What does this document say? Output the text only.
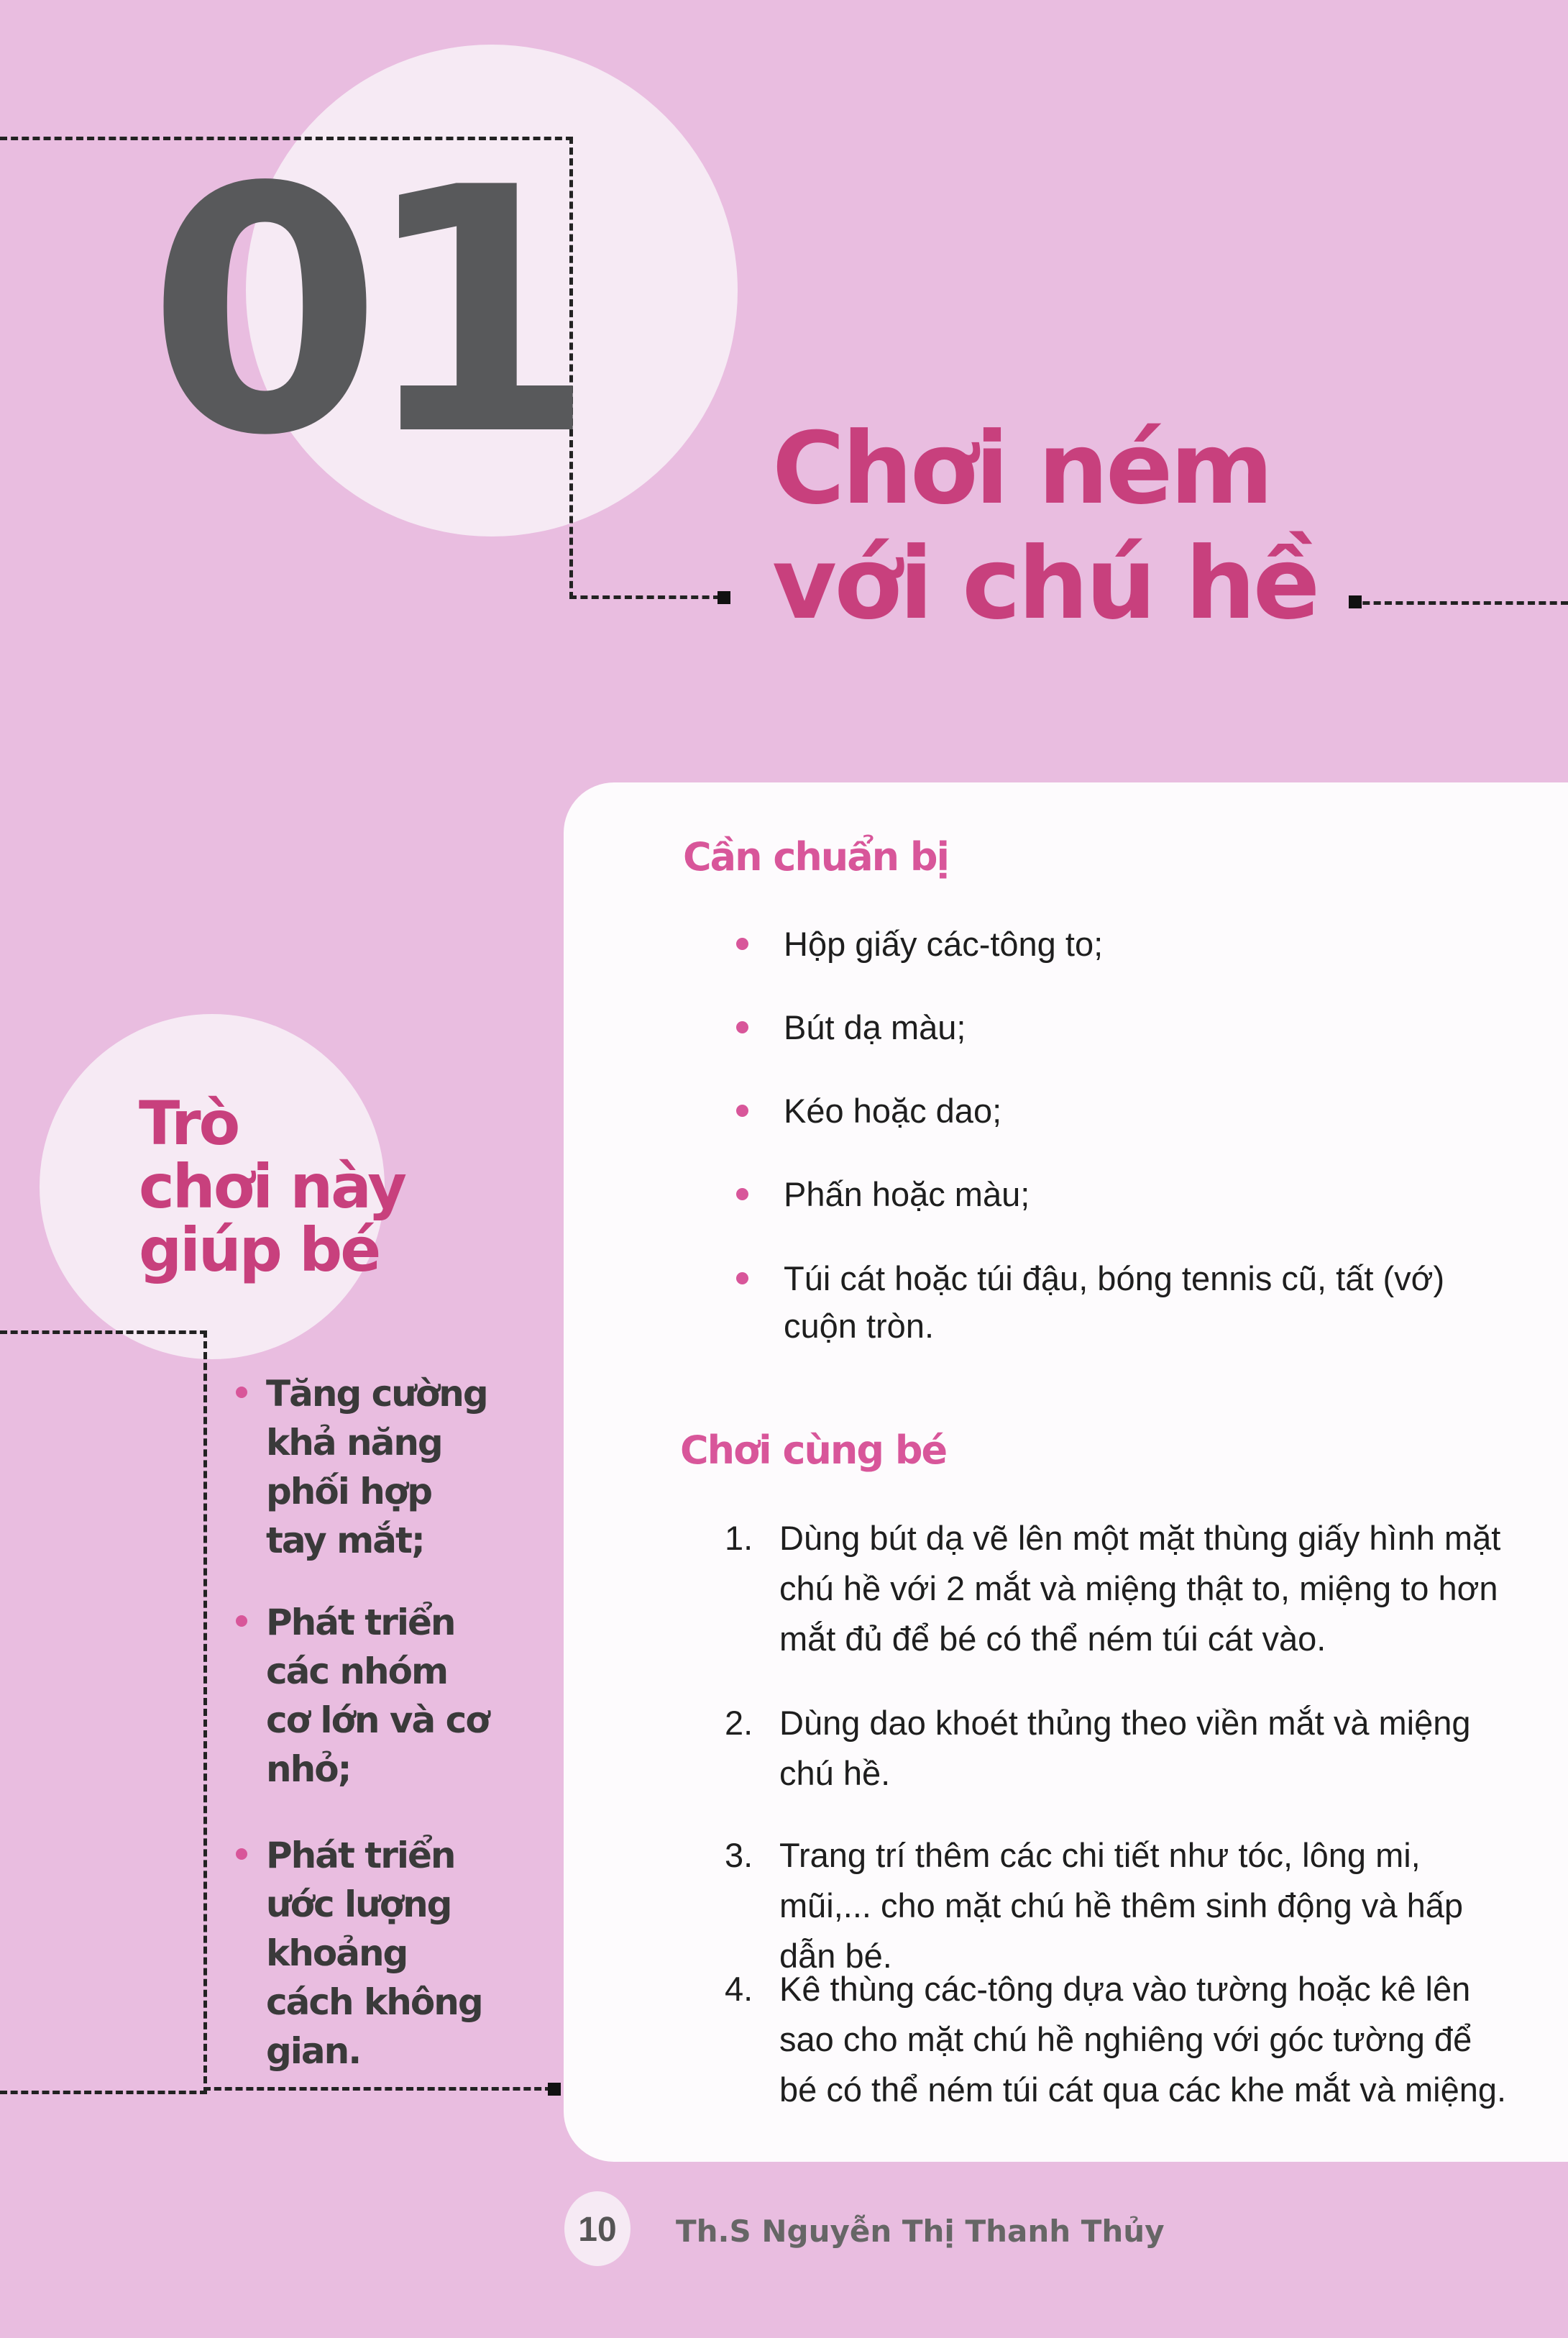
01 Chơi ném
với chú hề
Cần chuẩn bị
Hộp giấy các-tông to;
Bút dạ màu;
Kéo hoặc dao;
Phấn hoặc màu;
Túi cát hoặc túi đậu, bóng tennis cũ, tất (vớ) cuộn tròn.
Chơi cùng bé
1. Dùng bút dạ vẽ lên một mặt thùng giấy hình mặt chú hề với 2 mắt và miệng thật to, miệng to hơn mắt đủ để bé có thể ném túi cát vào.
2. Dùng dao khoét thủng theo viền mắt và miệng chú hề.
3. Trang trí thêm các chi tiết như tóc, lông mi, mũi,... cho mặt chú hề thêm sinh động và hấp dẫn bé.
4. Kê thùng các-tông dựa vào tường hoặc kê lên sao cho mặt chú hề nghiêng với góc tường để bé có thể ném túi cát qua các khe mắt và miệng.
Trò
chơi này
giúp bé
Tăng cường khả năng phối hợp tay mắt;
Phát triển các nhóm cơ lớn và cơ nhỏ;
Phát triển ước lượng khoảng cách không gian.
10 Th.S Nguyễn Thị Thanh Thủy
